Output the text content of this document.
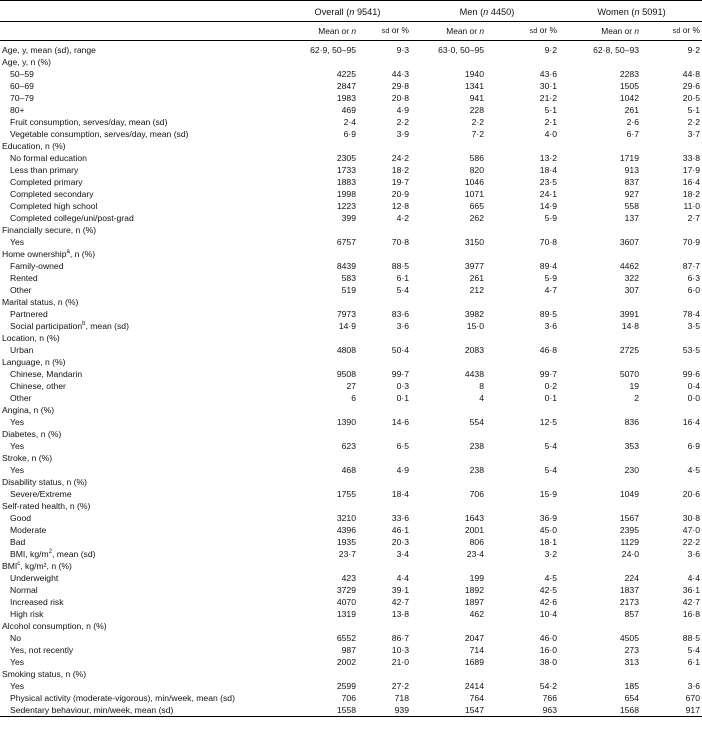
	Overall (n 9541)		Men (n 4450)		Women (n 5091)	
	Mean or n	sd or %	Mean or n	sd or %	Mean or n	sd or %
Age, y, mean (sd), range	62·9, 50–95	9·3	63·0, 50–95	9·2	62·8, 50–93	9·2
Age, y, n (%)						
50–59	4225	44·3	1940	43·6	2283	44·8
60–69	2847	29·8	1341	30·1	1505	29·6
70–79	1983	20·8	941	21·2	1042	20·5
80+	469	4·9	228	5·1	261	5·1
Fruit consumption, serves/day, mean (sd)	2·4	2·2	2·2	2·1	2·6	2·2
Vegetable consumption, serves/day, mean (sd)	6·9	3·9	7·2	4·0	6·7	3·7
Education, n (%)						
No formal education	2305	24·2	586	13·2	1719	33·8
Less than primary	1733	18·2	820	18·4	913	17·9
Completed primary	1883	19·7	1046	23·5	837	16·4
Completed secondary	1998	20·9	1071	24·1	927	18·2
Completed high school	1223	12·8	665	14·9	558	11·0
Completed college/uni/post-grad	399	4·2	262	5·9	137	2·7
Financially secure, n (%)						
Yes	6757	70·8	3150	70·8	3607	70·9
Home ownership$^a$, n (%)						
Family-owned	8439	88·5	3977	89·4	4462	87·7
Rented	583	6·1	261	5·9	322	6·3
Other	519	5·4	212	4·7	307	6·0
Marital status, n (%)						
Partnered	7973	83·6	3982	89·5	3991	78·4
Social participation$^b$, mean (sd)	14·9	3·6	15·0	3·6	14·8	3·5
Location, n (%)						
Urban	4808	50·4	2083	46·8	2725	53·5
Language, n (%)						
Chinese, Mandarin	9508	99·7	4438	99·7	5070	99·6
Chinese, other	27	0·3	8	0·2	19	0·4
Other	6	0·1	4	0·1	2	0·0
Angina, n (%)						
Yes	1390	14·6	554	12·5	836	16·4
Diabetes, n (%)						
Yes	623	6·5	238	5·4	353	6·9
Stroke, n (%)						
Yes	468	4·9	238	5·4	230	4·5
Disability status, n (%)						
Severe/Extreme	1755	18·4	706	15·9	1049	20·6
Self-rated health, n (%)						
Good	3210	33·6	1643	36·9	1567	30·8
Moderate	4396	46·1	2001	45·0	2395	47·0
Bad	1935	20·3	806	18·1	1129	22·2
BMI, $kg/m^2$, mean (sd)	23·7	3·4	23·4	3·2	24·0	3·6
BMI$^c$, kg/m², n (%)						
Underweight	423	4·4	199	4·5	224	4·4
Normal	3729	39·1	1892	42·5	1837	36·1
Increased risk	4070	42·7	1897	42·6	2173	42·7
High risk	1319	13·8	462	10·4	857	16·8
Alcohol consumption, n (%)						
No	6552	86·7	2047	46·0	4505	88·5
Yes, not recently	987	10·3	714	16·0	273	5·4
Yes	2002	21·0	1689	38·0	313	6·1
Smoking status, n (%)						
Yes	2599	27·2	2414	54·2	185	3·6
Physical activity (moderate-vigorous), min/week, mean (sd)	706	718	764	766	654	670
Sedentary behaviour, min/week, mean (sd)	1558	939	1547	963	1568	917
